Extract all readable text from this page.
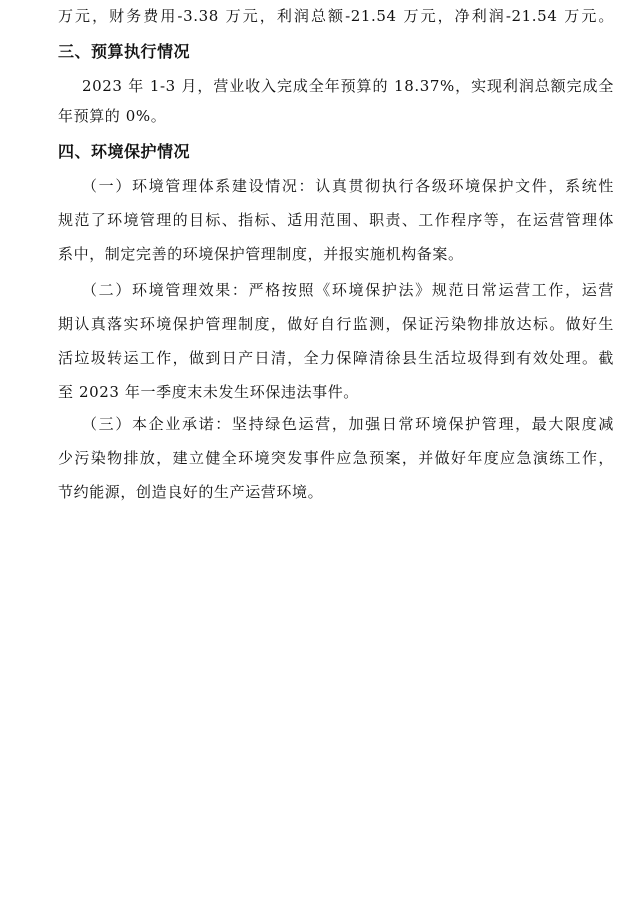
万元，财务费用-3.38 万元，利润总额-21.54 万元，净利润-21.54 万元。
三、预算执行情况
2023 年 1-3 月，营业收入完成全年预算的 18.37%，实现利润总额完成全
年预算的 0%。
四、环境保护情况
（一）环境管理体系建设情况：认真贯彻执行各级环境保护文件，系统性
规范了环境管理的目标、指标、适用范围、职责、工作程序等，在运营管理体
系中，制定完善的环境保护管理制度，并报实施机构备案。
（二）环境管理效果：严格按照《环境保护法》规范日常运营工作，运营
期认真落实环境保护管理制度，做好自行监测，保证污染物排放达标。做好生
活垃圾转运工作，做到日产日清，全力保障清徐县生活垃圾得到有效处理。截
至 2023 年一季度末未发生环保违法事件。
（三）本企业承诺：坚持绿色运营，加强日常环境保护管理，最大限度减
少污染物排放，建立健全环境突发事件应急预案，并做好年度应急演练工作，
节约能源，创造良好的生产运营环境。
